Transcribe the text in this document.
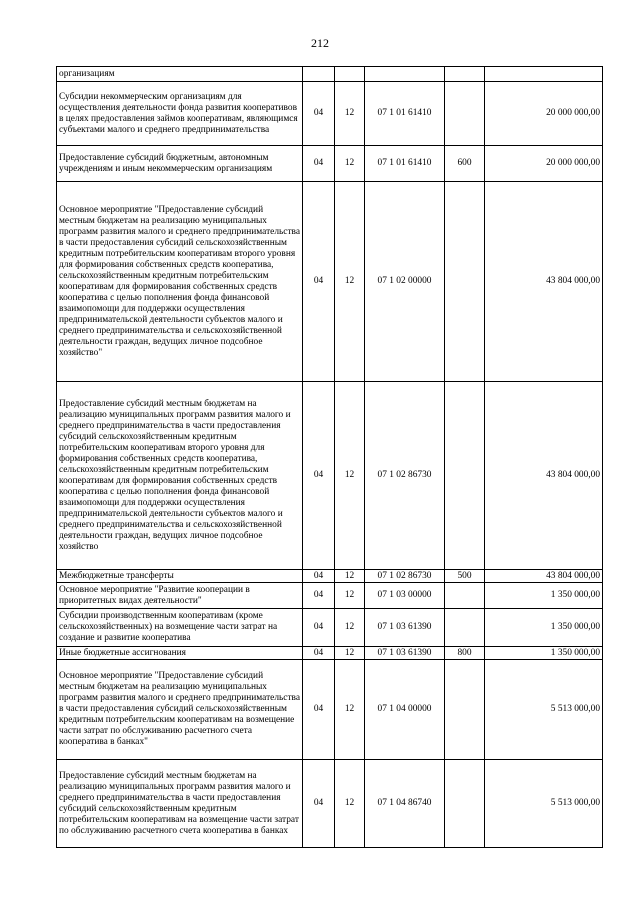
212
организациям					
Субсидии некоммерческим организациям для осуществления деятельности фонда развития кооперативов в целях предоставления займов кооперативам, являющимся субъектами малого и среднего предпринимательства	04	12	07 1 01 61410		20 000 000,00
Предоставление субсидий бюджетным, автономным учреждениям и иным некоммерческим организациям	04	12	07 1 01 61410	600	20 000 000,00
Основное мероприятие "Предоставление субсидий местным бюджетам на реализацию муниципальных программ развития малого и среднего предпринимательства в части предоставления субсидий сельскохозяйственным кредитным потребительским кооперативам второго уровня для формирования собственных средств кооператива, сельскохозяйственным кредитным потребительским кооперативам для формирования собственных средств кооператива с целью пополнения фонда финансовой взаимопомощи для поддержки осуществления предпринимательской деятельности субъектов малого и среднего предпринимательства и сельскохозяйственной деятельности граждан, ведущих личное подсобное хозяйство"	04	12	07 1 02 00000		43 804 000,00
Предоставление субсидий местным бюджетам на реализацию муниципальных программ развития малого и среднего предпринимательства в части предоставления субсидий сельскохозяйственным кредитным потребительским кооперативам второго уровня для формирования собственных средств кооператива, сельскохозяйственным кредитным потребительским кооперативам для формирования собственных средств кооператива с целью пополнения фонда финансовой взаимопомощи для поддержки осуществления предпринимательской деятельности субъектов малого и среднего предпринимательства и сельскохозяйственной деятельности граждан, ведущих личное подсобное хозяйство	04	12	07 1 02 86730		43 804 000,00
Межбюджетные трансферты	04	12	07 1 02 86730	500	43 804 000,00
Основное мероприятие "Развитие кооперации в приоритетных видах деятельности"	04	12	07 1 03 00000		1 350 000,00
Субсидии производственным кооперативам (кроме сельскохозяйственных) на возмещение части затрат на создание и развитие кооператива	04	12	07 1 03 61390		1 350 000,00
Иные бюджетные ассигнования	04	12	07 1 03 61390	800	1 350 000,00
Основное мероприятие "Предоставление субсидий местным бюджетам на реализацию муниципальных программ развития малого и среднего предпринимательства в части предоставления субсидий сельскохозяйственным кредитным потребительским кооперативам на возмещение части затрат по обслуживанию расчетного счета кооператива в банках"	04	12	07 1 04 00000		5 513 000,00
Предоставление субсидий местным бюджетам на реализацию муниципальных программ развития малого и среднего предпринимательства в части предоставления субсидий сельскохозяйственным кредитным потребительским кооперативам на возмещение части затрат по обслуживанию расчетного счета кооператива в банках	04	12	07 1 04 86740		5 513 000,00
